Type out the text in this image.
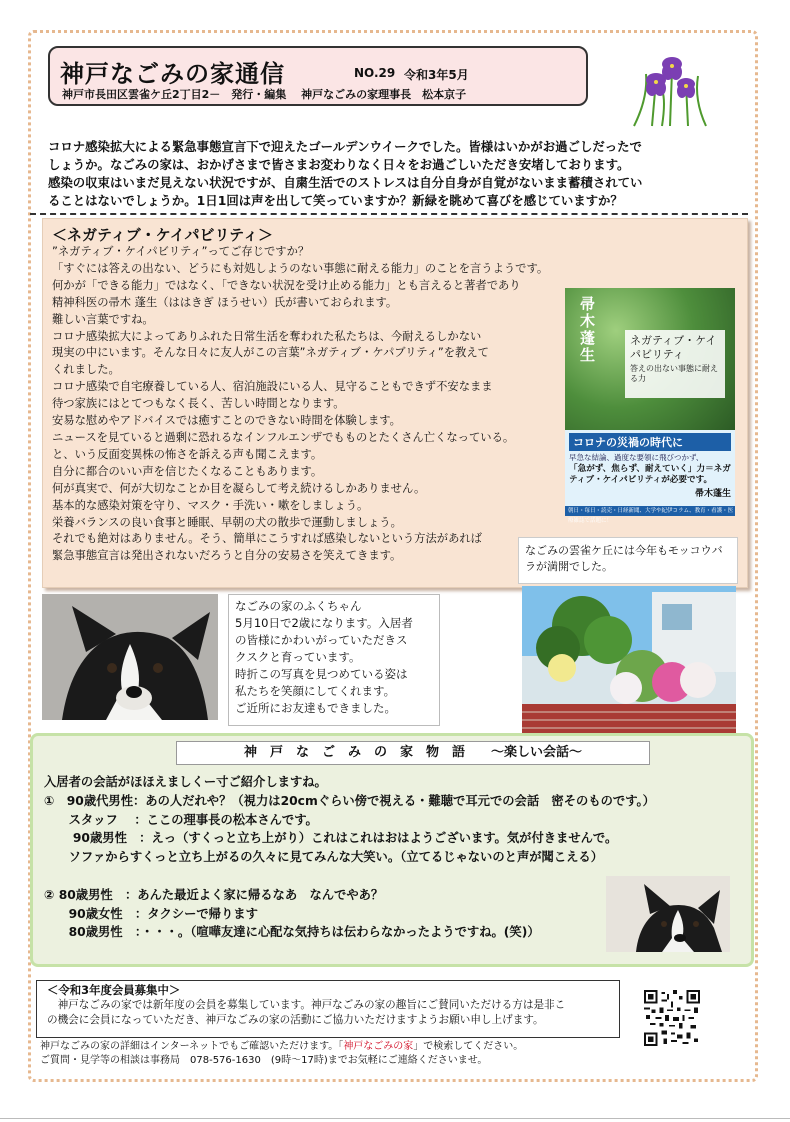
神戸なごみの家通信	NO.29 令和3年5月
神戸市長田区雲雀ケ丘2丁目2－　発行・編集　 神戸なごみの家理事長　松本京子

コロナ感染拡大による緊急事態宣言下で迎えたゴールデンウイークでした。皆様はいかがお過ごしだったで

しょうか。なごみの家は、おかげさまで皆さまお変わりなく日々をお過ごしいただき安堵しております。

感染の収束はいまだ見えない状況ですが、自粛生活でのストレスは自分自身が自覚がないまま蓄積されてい

ることはないでしょうか。1日1回は声を出して笑っていますか？新緑を眺めて喜びを感じていますか？

＜ネガティブ・ケイパビリティ＞

”ネガティブ・ケイパビリティ”ってご存じですか？

「すぐには答えの出ない、どうにも対処しようのない事態に耐える能力」のことを言うようです。

何かが「できる能力」ではなく、「できない状況を受け止める能力」とも言えると著者であり

精神科医の帚木 蓬生（ははきぎ ほうせい）氏が書いておられます。

難しい言葉ですね。

コロナ感染拡大によってありふれた日常生活を奪われた私たちは、今耐えるしかない

現実の中にいます。そんな日々に友人がこの言葉”ネガティブ・ケパブリティ”を教えて

くれました。

コロナ感染で自宅療養している人、宿泊施設にいる人、見守ることもできず不安なまま

待つ家族にはとてつもなく長く、苦しい時間となります。

安易な慰めやアドバイスでは癒すことのできない時間を体験します。

ニュースを見ていると過剰に恐れるなインフルエンザでもものとたくさん亡くなっている。

と、いう反面変異株の怖さを訴える声も聞こえます。

自分に都合のいい声を信じたくなることもあります。

何が真実で、何が大切なことか目を凝らして考え続けるしかありません。

基本的な感染対策を守り、マスク・手洗い・嗽をしましょう。

栄養バランスの良い食事と睡眠、早朝の犬の散歩で運動しましょう。

それでも絶対はありません。そう、簡単にこうすれば感染しないという方法があれば

緊急事態宣言は発出されないだろうと自分の安易さを笑えてきます。

帚木蓬生	ネガティブ・ケイパビリティ
答えの出ない事態に耐える力
コロナの災禍の時代に
早急な結論、過度な要領に飛びつかず、
「急がず、焦らず、耐えていく」力＝ネガティブ・ケイパビリティが必要です。
帚木蓬生
朝日・毎日・読売・日経新聞、大学や紀伊コラム、教育・看護・医療雑誌で話題に！
なごみの雲雀ケ丘には今年もモッコウバラが満開でした。

なごみの家のふくちゃん

5月10日で2歳になります。入居者

の皆様にかわいがっていただきス

クスクと育っています。

時折この写真を見つめている姿は

私たちを笑顔にしてくれます。

ご近所にお友達もできました。

神　戸　な　ご　み　の　家　物　語　　～楽しい会話～

入居者の会話がほほえましくー寸ご紹介しますね。

①　90歳代男性：あの人だれや？（視力は20cmぐらい傍で視える・難聴で耳元での会話　密そのものです。）

　　スタッフ　 ：ここの理事長の松本さんです。

　　 90歳男性　：えっ（すくっと立ち上がり）これはこれはおはようございます。気が付きませんで。

　　ソファからすくっと立ち上がるの久々に見てみんな大笑い。（立てるじゃないのと声が聞こえる）

② 80歳男性　：あんた最近よく家に帰るなあ　なんでやあ？

　　90歳女性　：タクシーで帰ります

　　80歳男性　：・・・。（喧嘩友達に心配な気持ちは伝わらなかったようですね。(笑)）

＜令和3年度会員募集中＞
　神戸なごみの家では新年度の会員を募集しています。神戸なごみの家の趣旨にご賛同いただける方は是非こ
の機会に会員になっていただき、神戸なごみの家の活動にご協力いただけますようお願い申し上げます。

神戸なごみの家の詳細はインターネットでもご確認いただけます。「神戸なごみの家」で検索してください。

ご質問・見学等の相談は事務局　078-576-1630　(9時～17時)までお気軽にご連絡くださいませ。
